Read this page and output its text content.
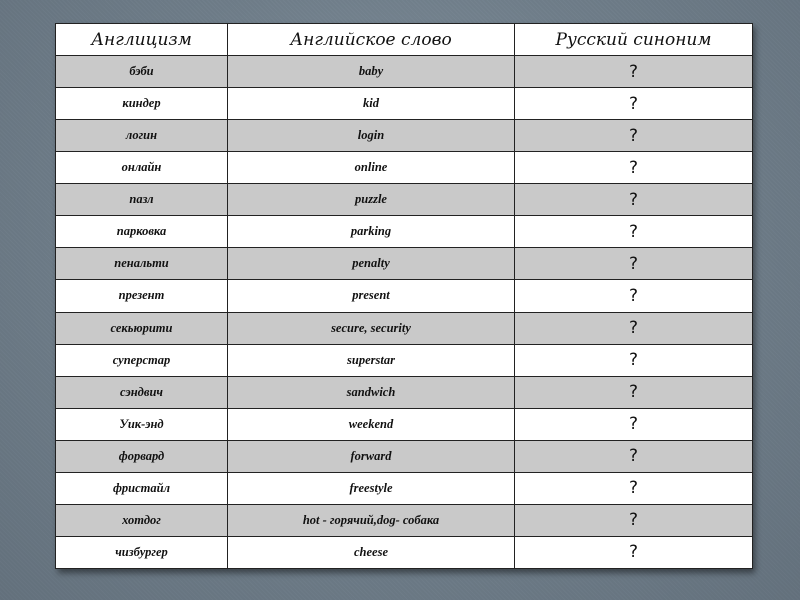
Англицизм	Английское слово	Русский синоним
бэби	baby	?
киндер	kid	?
логин	login	?
онлайн	online	?
пазл	puzzle	?
парковка	parking	?
пенальти	penalty	?
презент	present	?
секьюрити	secure, security	?
суперстар	superstar	?
сэндвич	sandwich	?
Уик-энд	weekend	?
форвард	forward	?
фристайл	freestyle	?
хотдог	hot - горячий,dog- собака	?
чизбургер	cheese	?
